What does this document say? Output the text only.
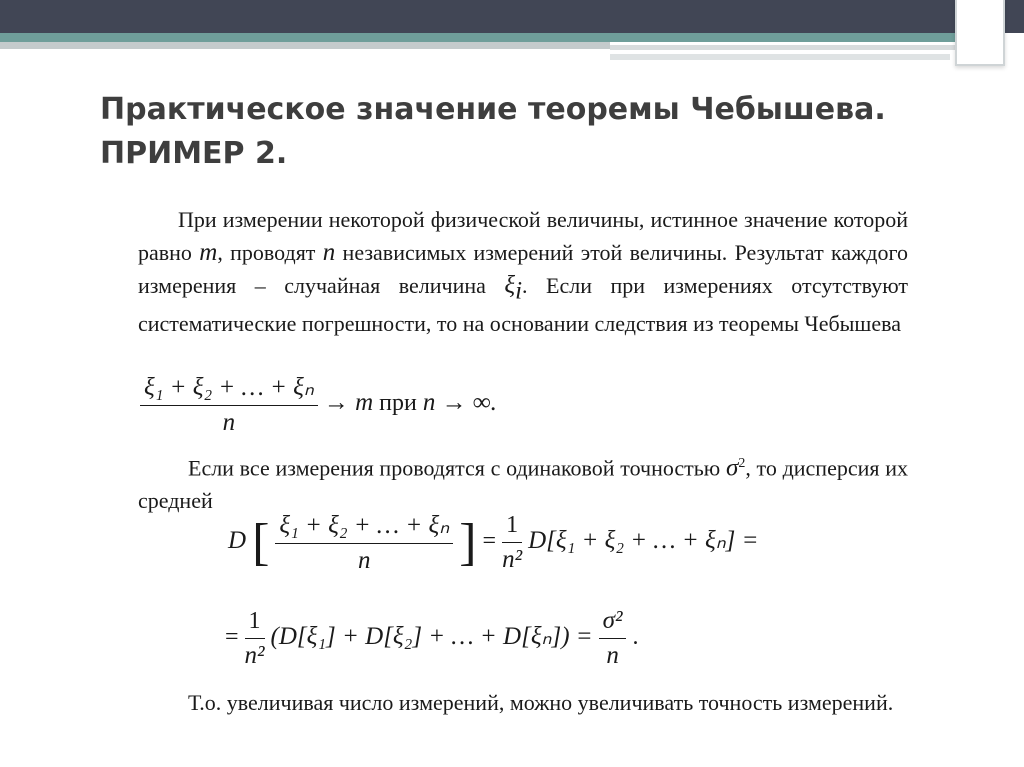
14
Практическое значение теоремы Чебышева. ПРИМЕР 2.
При измерении некоторой физической величины, истинное значение которой равно m, проводят n независимых измерений этой величины. Результат каждого измерения – случайная величина $\xi_i$. Если при измерениях отсутствуют систематические погрешности, то на основании следствия из теоремы Чебышева
$\frac{\text{ξ₁ + ξ₂ + … + ξₙ}}{n} \to m$ при n → ∞.
Если все измерения проводятся с одинаковой точностью $\sigma^2$, то дисперсия их средней
D [ $\frac{\text{ξ₁ + ξ₂ + … + ξₙ}}{n}$ ] = $\frac{1}{\text{n²}} D[\xi_1 + \xi_2$ + … + ξₙ] =
= $\frac{1}{\text{n²}} (D[\xi_1] + D[\xi_2]$ + … + $D[\xi_n]) = \frac{\text{σ²}}{n}$ .
Т.о. увеличивая число измерений, можно увеличивать точность измерений.
